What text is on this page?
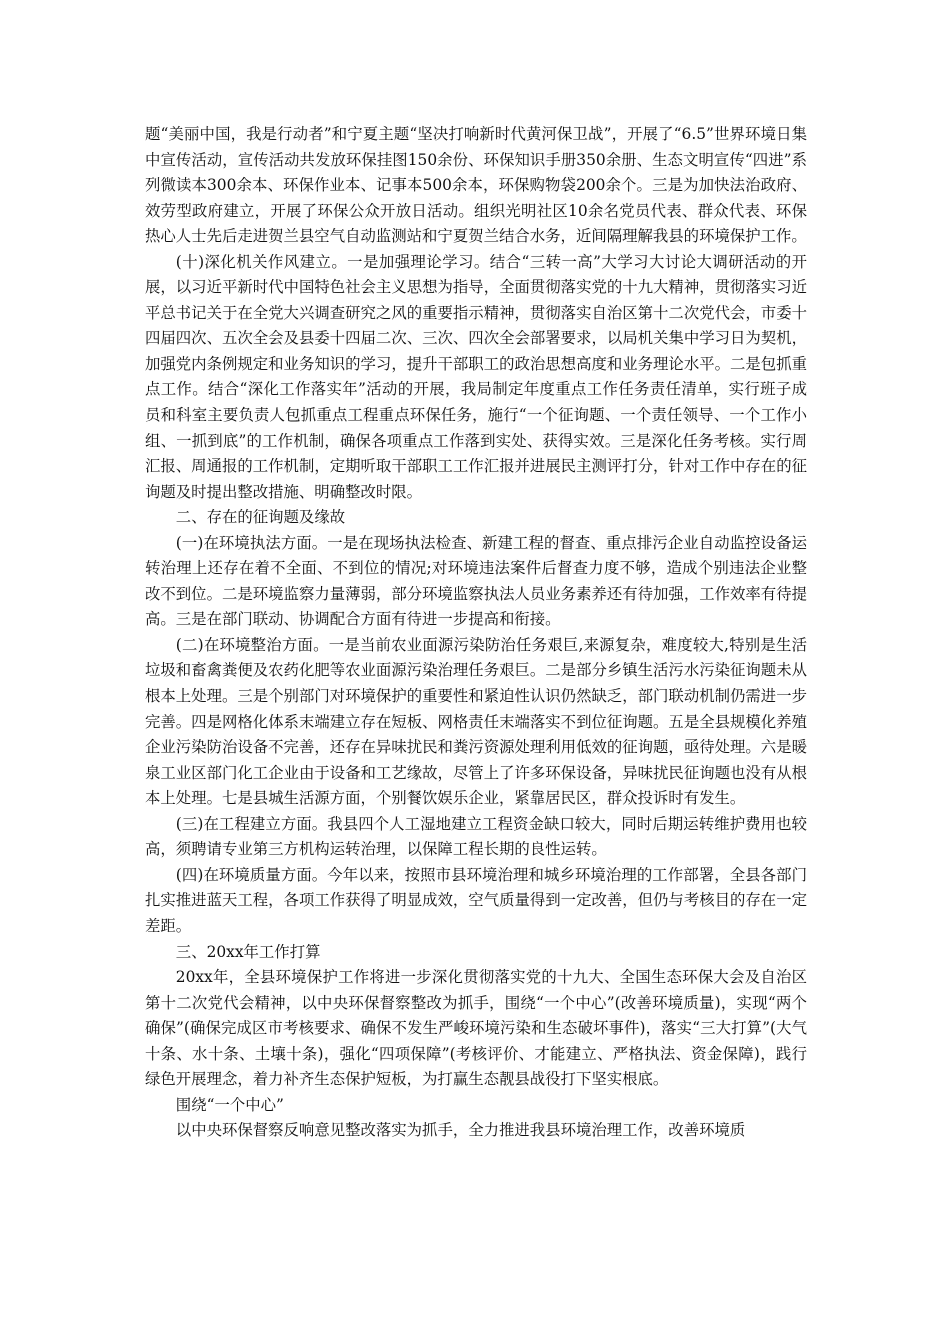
题“美丽中国，我是行动者”和宁夏主题“坚决打响新时代黄河保卫战”，开展了“6.5”世界环境日集中宣传活动，宣传活动共发放环保挂图150余份、环保知识手册350余册、生态文明宣传“四进”系列微读本300余本、环保作业本、记事本500余本，环保购物袋200余个。三是为加快法治政府、效劳型政府建立，开展了环保公众开放日活动。组织光明社区10余名党员代表、群众代表、环保热心人士先后走进贺兰县空气自动监测站和宁夏贺兰结合水务，近间隔理解我县的环境保护工作。

(十)深化机关作风建立。一是加强理论学习。结合“三转一高”大学习大讨论大调研活动的开展，以习近平新时代中国特色社会主义思想为指导，全面贯彻落实党的十九大精神，贯彻落实习近平总书记关于在全党大兴调查研究之风的重要指示精神，贯彻落实自治区第十二次党代会，市委十四届四次、五次全会及县委十四届二次、三次、四次全会部署要求，以局机关集中学习日为契机，加强党内条例规定和业务知识的学习，提升干部职工的政治思想高度和业务理论水平。二是包抓重点工作。结合“深化工作落实年”活动的开展，我局制定年度重点工作任务责任清单，实行班子成员和科室主要负责人包抓重点工程重点环保任务，施行“一个征询题、一个责任领导、一个工作小组、一抓到底”的工作机制，确保各项重点工作落到实处、获得实效。三是深化任务考核。实行周汇报、周通报的工作机制，定期听取干部职工工作汇报并进展民主测评打分，针对工作中存在的征询题及时提出整改措施、明确整改时限。

二、存在的征询题及缘故

(一)在环境执法方面。一是在现场执法检查、新建工程的督查、重点排污企业自动监控设备运转治理上还存在着不全面、不到位的情况;对环境违法案件后督查力度不够，造成个别违法企业整改不到位。二是环境监察力量薄弱，部分环境监察执法人员业务素养还有待加强，工作效率有待提高。三是在部门联动、协调配合方面有待进一步提高和衔接。

(二)在环境整治方面。一是当前农业面源污染防治任务艰巨,来源复杂，难度较大,特别是生活垃圾和畜禽粪便及农药化肥等农业面源污染治理任务艰巨。二是部分乡镇生活污水污染征询题未从根本上处理。三是个别部门对环境保护的重要性和紧迫性认识仍然缺乏，部门联动机制仍需进一步完善。四是网格化体系末端建立存在短板、网格责任末端落实不到位征询题。五是全县规模化养殖企业污染防治设备不完善，还存在异味扰民和粪污资源处理利用低效的征询题，亟待处理。六是暖泉工业区部门化工企业由于设备和工艺缘故，尽管上了许多环保设备，异味扰民征询题也没有从根本上处理。七是县城生活源方面，个别餐饮娱乐企业，紧靠居民区，群众投诉时有发生。

(三)在工程建立方面。我县四个人工湿地建立工程资金缺口较大，同时后期运转维护费用也较高，须聘请专业第三方机构运转治理，以保障工程长期的良性运转。

(四)在环境质量方面。今年以来，按照市县环境治理和城乡环境治理的工作部署，全县各部门扎实推进蓝天工程，各项工作获得了明显成效，空气质量得到一定改善，但仍与考核目的存在一定差距。

三、20xx年工作打算

20xx年，全县环境保护工作将进一步深化贯彻落实党的十九大、全国生态环保大会及自治区第十二次党代会精神，以中央环保督察整改为抓手，围绕“一个中心”(改善环境质量)，实现“两个确保”(确保完成区市考核要求、确保不发生严峻环境污染和生态破坏事件)，落实“三大打算”(大气十条、水十条、土壤十条)，强化“四项保障”(考核评价、才能建立、严格执法、资金保障)，践行绿色开展理念，着力补齐生态保护短板，为打赢生态靓县战役打下坚实根底。

围绕“一个中心”

以中央环保督察反响意见整改落实为抓手，全力推进我县环境治理工作，改善环境质
